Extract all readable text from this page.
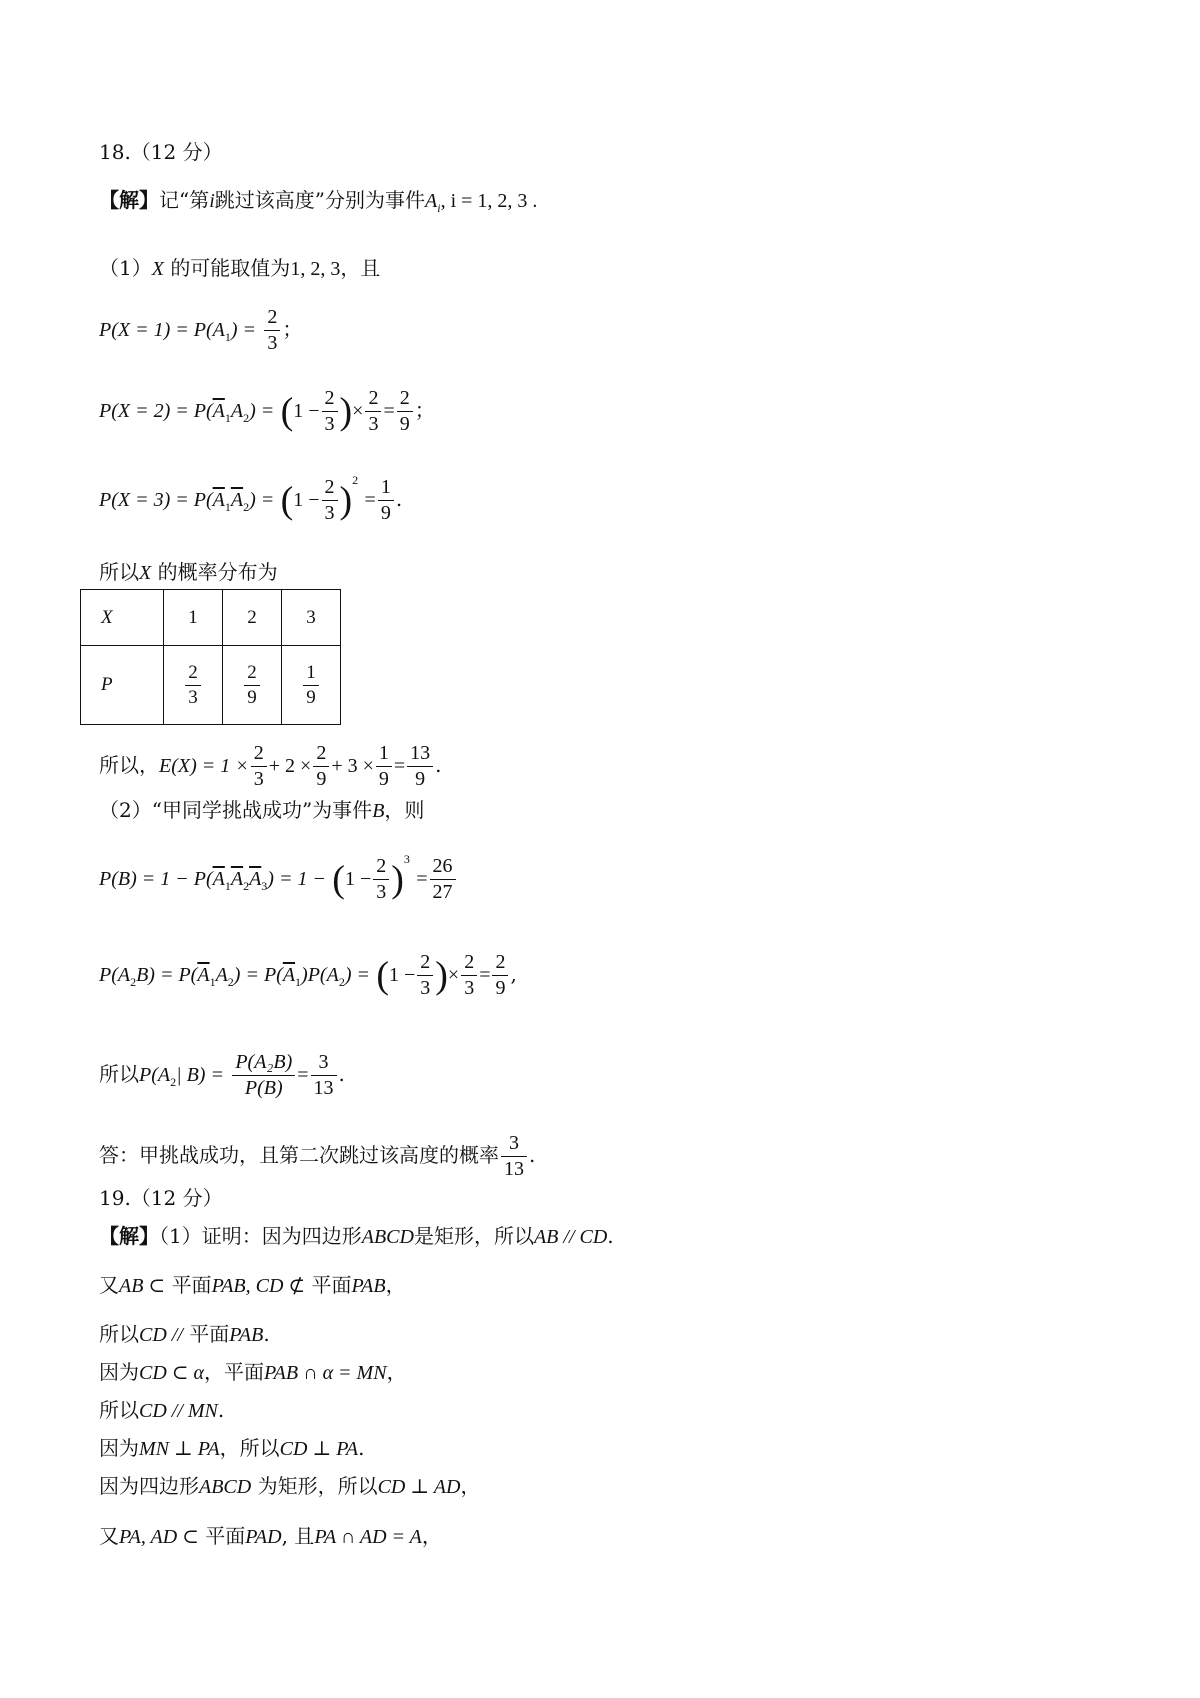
18.（12 分）
【解】记“第i跳过该高度”分别为事件$A_i$, i = 1, 2, 3 .
（1）X 的可能取值为1, 2, 3，且
$P(X = 1) = P(A_1) = \frac{2}{3}$ ；
$P(X = 2) = P(\overline{A}_1A_2) = (1 - \frac{2}{3}$ )× $\frac{2}{3} = \frac{2}{9}$ ；
$P(X = 3) = P(\overline{A}_1\overline{A}_2) = (1 - \frac{2}{3} )^2 = \frac{1}{9}$ .
所以X 的概率分布为
X	1	2	3
P	$\frac{2}{3}$	$\frac{2}{9}$	$\frac{1}{9}$
所以，$E(X) = 1 \times \frac{2}{3} + 2 \times \frac{2}{9} + 3 \times \frac{1}{9} = \frac{13}{9}$ .
（2）“甲同学挑战成功”为事件B，则
$P(B) = 1 - P(\overline{A}_1\overline{A}_2\overline{A}_3) = 1 - (1 - \frac{2}{3} )^3 = \frac{26}{27}$
$P(A_2B) = P(\overline{A}_1A_2) = P(\overline{A}_1)P(A_2) = (1 - \frac{2}{3}$ )× $\frac{2}{3} = \frac{2}{9}$ ,
所以$P(A_2|$ $B) = \frac{\text{P(A₂B)}}{P(B)} = \frac{3}{13}$ .
答：甲挑战成功，且第二次跳过该高度的概率 $\frac{3}{13}$ .
19.（12 分）
【解】（1）证明：因为四边形ABCD是矩形，所以AB // CD.
又AB ⊂ 平面PAB, CD ⊄ 平面PAB，
所以CD // 平面PAB.
因为CD ⊂ α，平面PAB ∩ α = MN，
所以CD // MN.
因为MN ⊥ PA，所以CD ⊥ PA.
因为四边形ABCD 为矩形，所以CD ⊥ AD，
又PA, AD ⊂ 平面PAD, 且PA ∩ AD = A，
